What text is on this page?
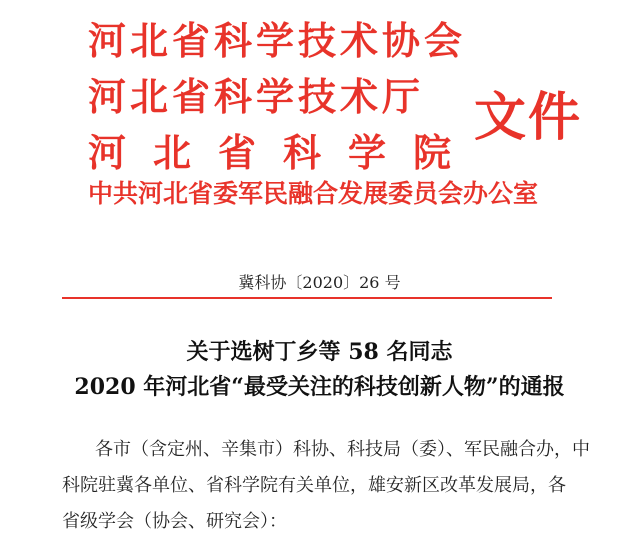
河北省科学技术协会
河北省科学技术厅
河北省科学院
中共河北省委军民融合发展委员会办公室
文件
冀科协〔2020〕26 号
关于选树丁乡等 58 名同志
2020 年河北省“最受关注的科技创新人物”的通报
各市（含定州、辛集市）科协、科技局（委）、军民融合办，中
科院驻冀各单位、省科学院有关单位，雄安新区改革发展局，各
省级学会（协会、研究会）：
